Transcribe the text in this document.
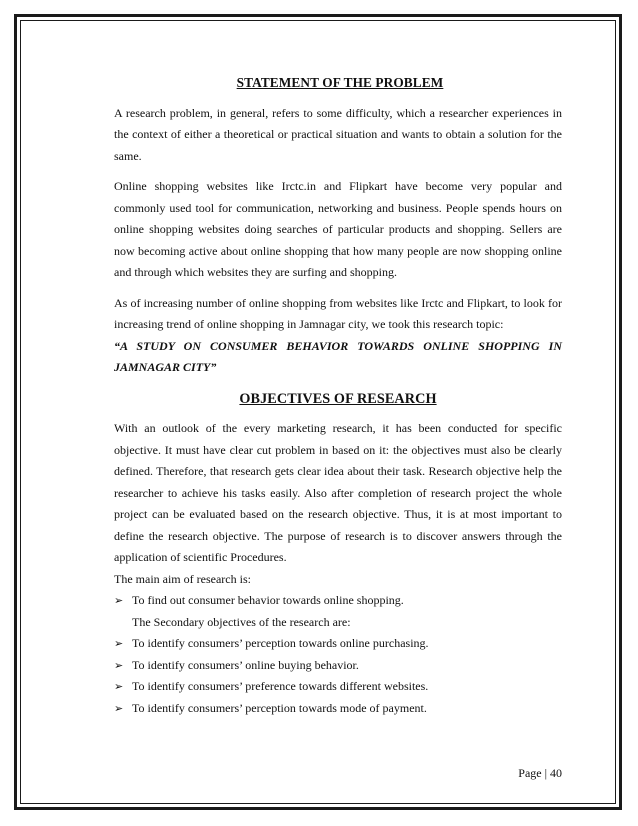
STATEMENT OF THE PROBLEM

A research problem, in general, refers to some difficulty, which a researcher experiences in the context of either a theoretical or practical situation and wants to obtain a solution for the same.

Online shopping websites like Irctc.in and Flipkart have become very popular and commonly used tool for communication, networking and business. People spends hours on online shopping websites doing searches of particular products and shopping. Sellers are now becoming active about online shopping that how many people are now shopping online and through which websites they are surfing and shopping.

As of increasing number of online shopping from websites like Irctc and Flipkart, to look for increasing trend of online shopping in Jamnagar city, we took this research topic:

“A STUDY ON CONSUMER BEHAVIOR TOWARDS ONLINE SHOPPING IN JAMNAGAR CITY”

OBJECTIVES OF RESEARCH

With an outlook of the every marketing research, it has been conducted for specific objective. It must have clear cut problem in based on it: the objectives must also be clearly defined. Therefore, that research gets clear idea about their task. Research objective help the researcher to achieve his tasks easily. Also after completion of research project the whole project can be evaluated based on the research objective. Thus, it is at most important to define the research objective. The purpose of research is to discover answers through the application of scientific Procedures.

The main aim of research is:
➢ To find out consumer behavior towards online shopping.
The Secondary objectives of the research are:
➢ To identify consumers’ perception towards online purchasing.
➢ To identify consumers’ online buying behavior.
➢ To identify consumers’ preference towards different websites.
➢ To identify consumers’ perception towards mode of payment.
Page | 40
